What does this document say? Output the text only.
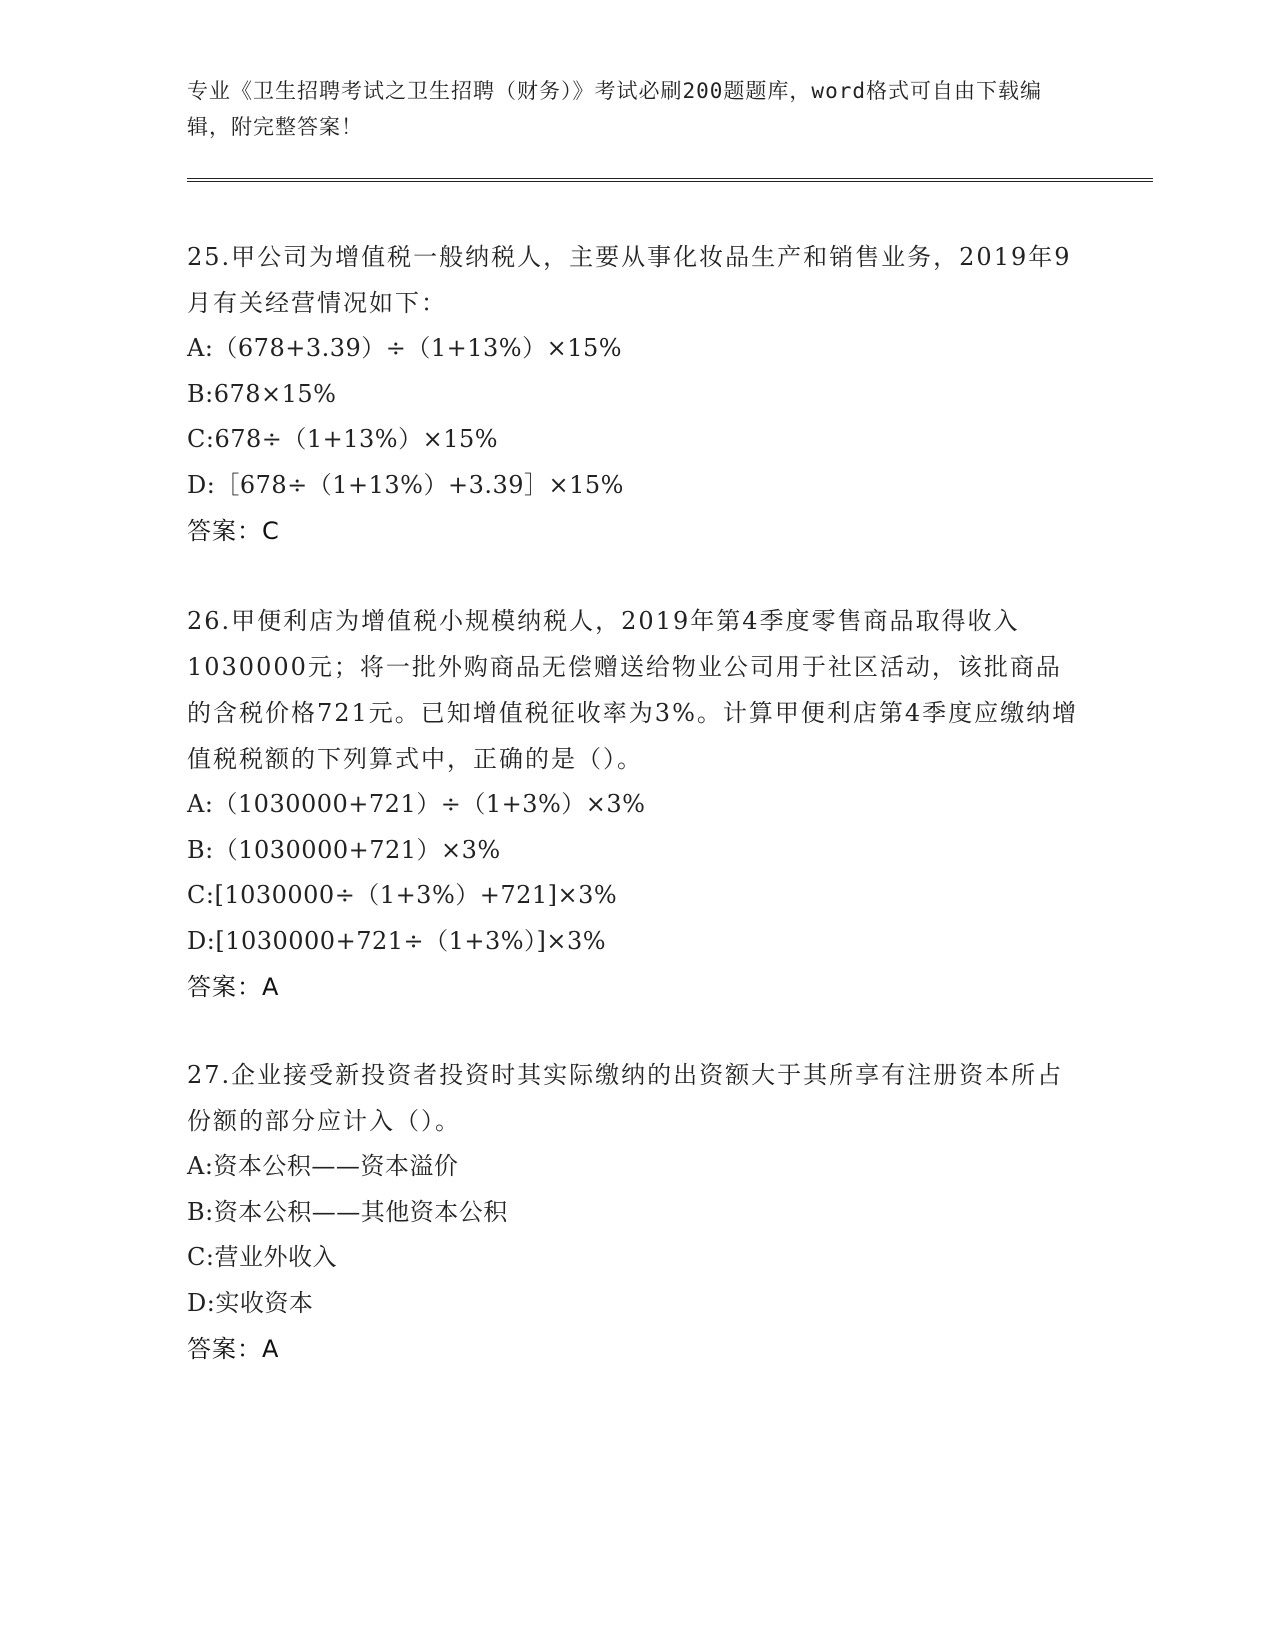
专业《卫生招聘考试之卫生招聘（财务）》考试必刷200题题库，word格式可自由下载编辑，附完整答案！

25.甲公司为增值税一般纳税人，主要从事化妆品生产和销售业务，2019年9月有关经营情况如下：

A:（678+3.39）÷（1+13%）×15%

B:678×15%

C:678÷（1+13%）×15%

D:［678÷（1+13%）+3.39］×15%

答案：C

26.甲便利店为增值税小规模纳税人，2019年第4季度零售商品取得收入1030000元；将一批外购商品无偿赠送给物业公司用于社区活动，该批商品的含税价格721元。已知增值税征收率为3%。计算甲便利店第4季度应缴纳增值税税额的下列算式中，正确的是（）。

A:（1030000+721）÷（1+3%）×3%

B:（1030000+721）×3%

C:[1030000÷（1+3%）+721]×3%

D:[1030000+721÷（1+3%）]×3%

答案：A

27.企业接受新投资者投资时其实际缴纳的出资额大于其所享有注册资本所占份额的部分应计入（）。

A:资本公积——资本溢价

B:资本公积——其他资本公积

C:营业外收入

D:实收资本

答案：A
